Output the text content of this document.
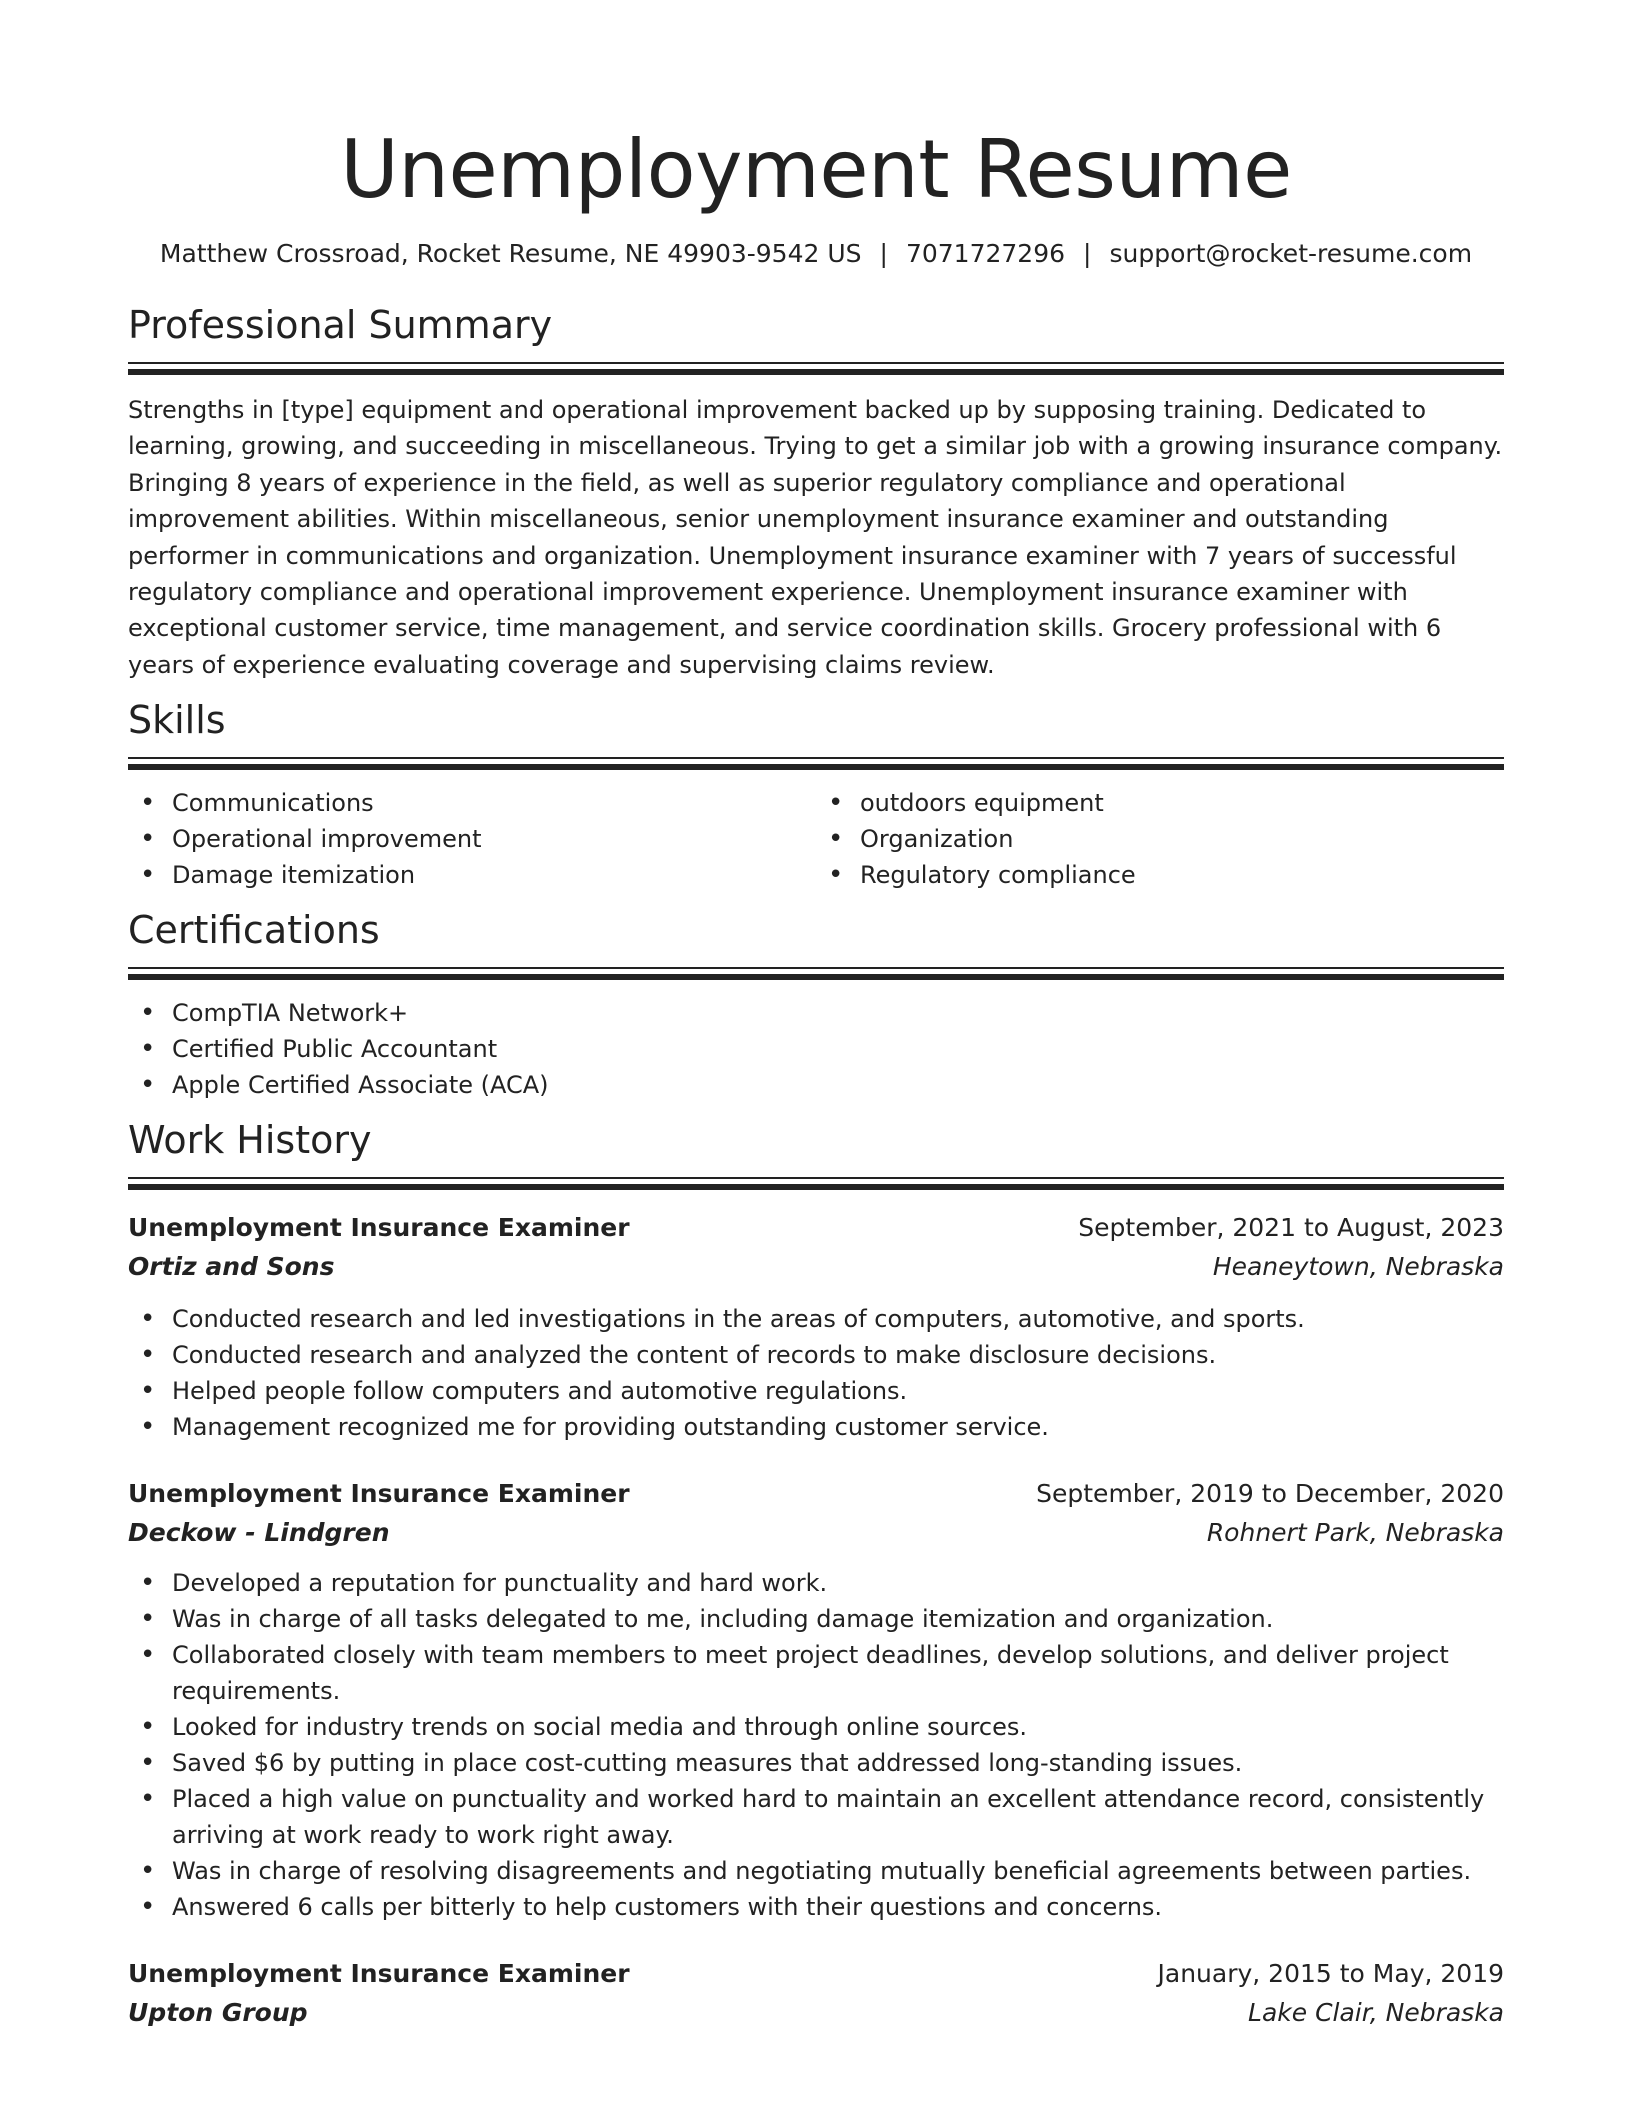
Unemployment Resume
Matthew Crossroad, Rocket Resume, NE 49903-9542 US | 7071727296 | support@rocket-resume.com
Professional Summary
Strengths in [type] equipment and operational improvement backed up by supposing training. Dedicated to learning, growing, and succeeding in miscellaneous. Trying to get a similar job with a growing insurance company. Bringing 8 years of experience in the field, as well as superior regulatory compliance and operational improvement abilities. Within miscellaneous, senior unemployment insurance examiner and outstanding performer in communications and organization. Unemployment insurance examiner with 7 years of successful regulatory compliance and operational improvement experience. Unemployment insurance examiner with exceptional customer service, time management, and service coordination skills. Grocery professional with 6 years of experience evaluating coverage and supervising claims review.
Skills
• Communications
• Operational improvement
• Damage itemization
• outdoors equipment
• Organization
• Regulatory compliance
Certifications
• CompTIA Network+
• Certified Public Accountant
• Apple Certified Associate (ACA)
Work History
Unemployment Insurance Examiner	September, 2021 to August, 2023
Ortiz and Sons	Heaneytown, Nebraska
• Conducted research and led investigations in the areas of computers, automotive, and sports.
• Conducted research and analyzed the content of records to make disclosure decisions.
• Helped people follow computers and automotive regulations.
• Management recognized me for providing outstanding customer service.
Unemployment Insurance Examiner	September, 2019 to December, 2020
Deckow - Lindgren	Rohnert Park, Nebraska
• Developed a reputation for punctuality and hard work.
• Was in charge of all tasks delegated to me, including damage itemization and organization.
• Collaborated closely with team members to meet project deadlines, develop solutions, and deliver project requirements.
• Looked for industry trends on social media and through online sources.
• Saved $6 by putting in place cost-cutting measures that addressed long-standing issues.
• Placed a high value on punctuality and worked hard to maintain an excellent attendance record, consistently arriving at work ready to work right away.
• Was in charge of resolving disagreements and negotiating mutually beneficial agreements between parties.
• Answered 6 calls per bitterly to help customers with their questions and concerns.
Unemployment Insurance Examiner	January, 2015 to May, 2019
Upton Group	Lake Clair, Nebraska
